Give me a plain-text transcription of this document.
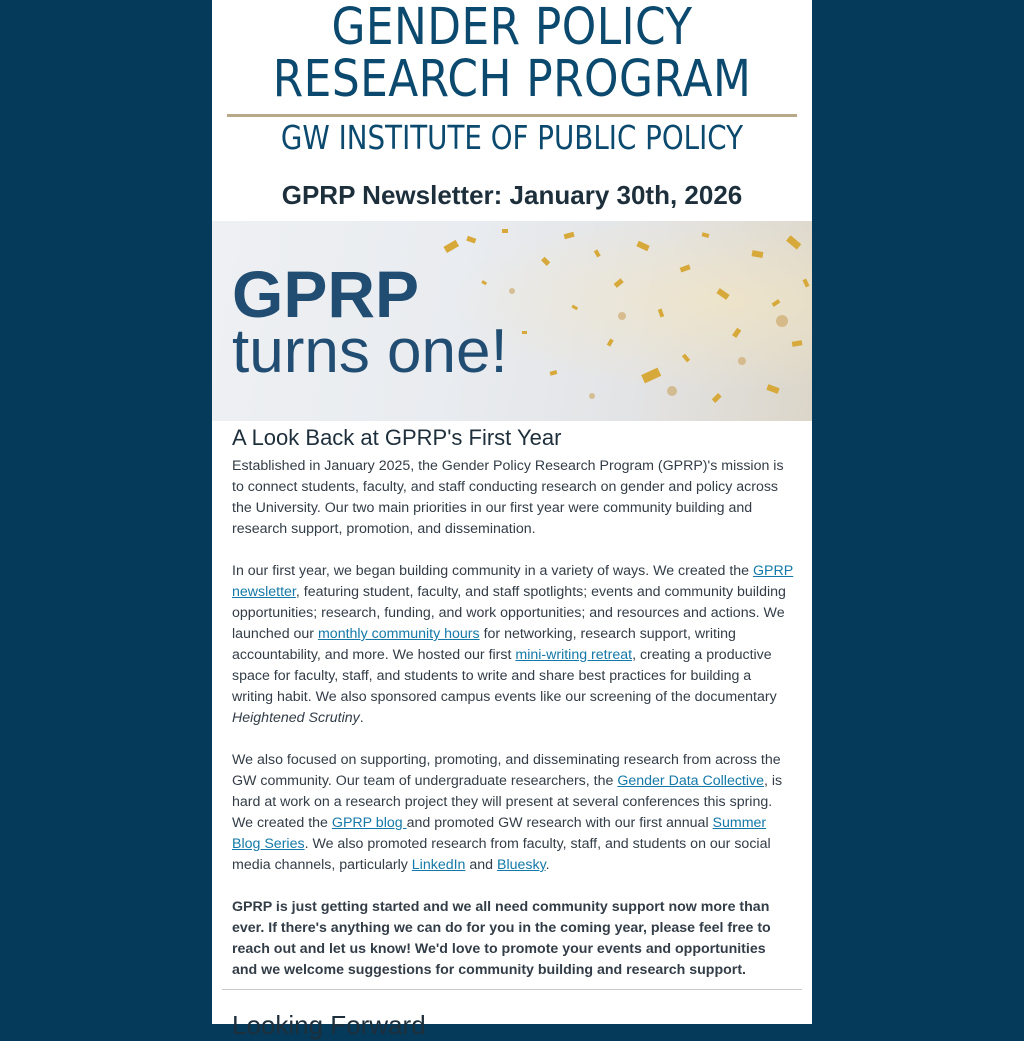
GENDER POLICY
RESEARCH PROGRAM
GW INSTITUTE OF PUBLIC POLICY
GPRP Newsletter: January 30th, 2026
GPRP
turns one!
A Look Back at GPRP's First Year

Established in January 2025, the Gender Policy Research Program (GPRP)'s mission is to connect students, faculty, and staff conducting research on gender and policy across the University. Our two main priorities in our first year were community building and research support, promotion, and dissemination.

In our first year, we began building community in a variety of ways. We created the GPRP newsletter, featuring student, faculty, and staff spotlights; events and community building opportunities; research, funding, and work opportunities; and resources and actions. We launched our monthly community hours for networking, research support, writing accountability, and more. We hosted our first mini-writing retreat, creating a productive space for faculty, staff, and students to write and share best practices for building a writing habit. We also sponsored campus events like our screening of the documentary Heightened Scrutiny.

We also focused on supporting, promoting, and disseminating research from across the GW community. Our team of undergraduate researchers, the Gender Data Collective, is hard at work on a research project they will present at several conferences this spring. We created the GPRP blog and promoted GW research with our first annual Summer Blog Series. We also promoted research from faculty, staff, and students on our social media channels, particularly LinkedIn and Bluesky.

GPRP is just getting started and we all need community support now more than ever. If there's anything we can do for you in the coming year, please feel free to reach out and let us know! We'd love to promote your events and opportunities and we welcome suggestions for community building and research support.

Looking Forward
